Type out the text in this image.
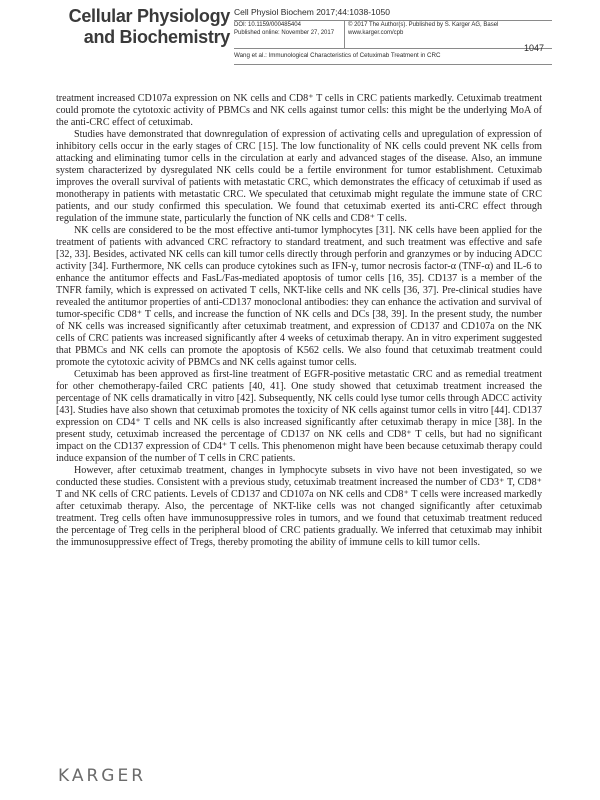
Cellular Physiology
and Biochemistry
Cell Physiol Biochem 2017;44:1038-1050
DOI: 10.1159/000485404	© 2017 The Author(s). Published by S. Karger AG, Basel
Published online: November 27, 2017 www.karger.com/cpb
Wang et al.: Immunological Characteristics of Cetuximab Treatment in CRC
1047

treatment increased CD107a expression on NK cells and CD8⁺ T cells in CRC patients markedly. Cetuximab treatment could promote the cytotoxic activity of PBMCs and NK cells against tumor cells: this might be the underlying MoA of the anti-CRC effect of cetuximab.

Studies have demonstrated that downregulation of expression of activating cells and upregulation of expression of inhibitory cells occur in the early stages of CRC [15]. The low functionality of NK cells could prevent NK cells from attacking and eliminating tumor cells in the circulation at early and advanced stages of the disease. Also, an immune system characterized by dysregulated NK cells could be a fertile environment for tumor establishment. Cetuximab improves the overall survival of patients with metastatic CRC, which demonstrates the efficacy of cetuximab if used as monotherapy in patients with metastatic CRC. We speculated that cetuximab might regulate the immune state of CRC patients, and our study confirmed this speculation. We found that cetuximab exerted its anti-CRC effect through regulation of the immune state, particularly the function of NK cells and CD8⁺ T cells.

NK cells are considered to be the most effective anti-tumor lymphocytes [31]. NK cells have been applied for the treatment of patients with advanced CRC refractory to standard treatment, and such treatment was effective and safe [32, 33]. Besides, activated NK cells can kill tumor cells directly through perforin and granzymes or by inducing ADCC activity [34]. Furthermore, NK cells can produce cytokines such as IFN-γ, tumor necrosis factor-α (TNF-α) and IL-6 to enhance the antitumor effects and FasL/Fas-mediated apoptosis of tumor cells [16, 35]. CD137 is a member of the TNFR family, which is expressed on activated T cells, NKT-like cells and NK cells [36, 37]. Pre-clinical studies have revealed the antitumor properties of anti-CD137 monoclonal antibodies: they can enhance the activation and survival of tumor-specific CD8⁺ T cells, and increase the function of NK cells and DCs [38, 39]. In the present study, the number of NK cells was increased significantly after cetuximab treatment, and expression of CD137 and CD107a on the NK cells of CRC patients was increased significantly after 4 weeks of cetuximab therapy. An in vitro experiment suggested that PBMCs and NK cells can promote the apoptosis of K562 cells. We also found that cetuximab treatment could promote the cytotoxic acivity of PBMCs and NK cells against tumor cells.

Cetuximab has been approved as first-line treatment of EGFR-positive metastatic CRC and as remedial treatment for other chemotherapy-failed CRC patients [40, 41]. One study showed that cetuximab treatment increased the percentage of NK cells dramatically in vitro [42]. Subsequently, NK cells could lyse tumor cells through ADCC activity [43]. Studies have also shown that cetuximab promotes the toxicity of NK cells against tumor cells in vitro [44]. CD137 expression on CD4⁺ T cells and NK cells is also increased significantly after cetuximab therapy in mice [38]. In the present study, cetuximab increased the percentage of CD137 on NK cells and CD8⁺ T cells, but had no significant impact on the CD137 expression of CD4⁺ T cells. This phenomenon might have been because cetuximab therapy could induce expansion of the number of T cells in CRC patients.

However, after cetuximab treatment, changes in lymphocyte subsets in vivo have not been investigated, so we conducted these studies. Consistent with a previous study, cetuximab treatment increased the number of CD3⁺ T, CD8⁺ T and NK cells of CRC patients. Levels of CD137 and CD107a on NK cells and CD8⁺ T cells were increased markedly after cetuximab therapy. Also, the percentage of NKT-like cells was not changed significantly after cetuximab treatment. Treg cells often have immunosuppressive roles in tumors, and we found that cetuximab treatment reduced the percentage of Treg cells in the peripheral blood of CRC patients gradually. We inferred that cetuximab may inhibit the immunosuppressive effect of Tregs, thereby promoting the ability of immune cells to kill tumor cells.

KARGER
